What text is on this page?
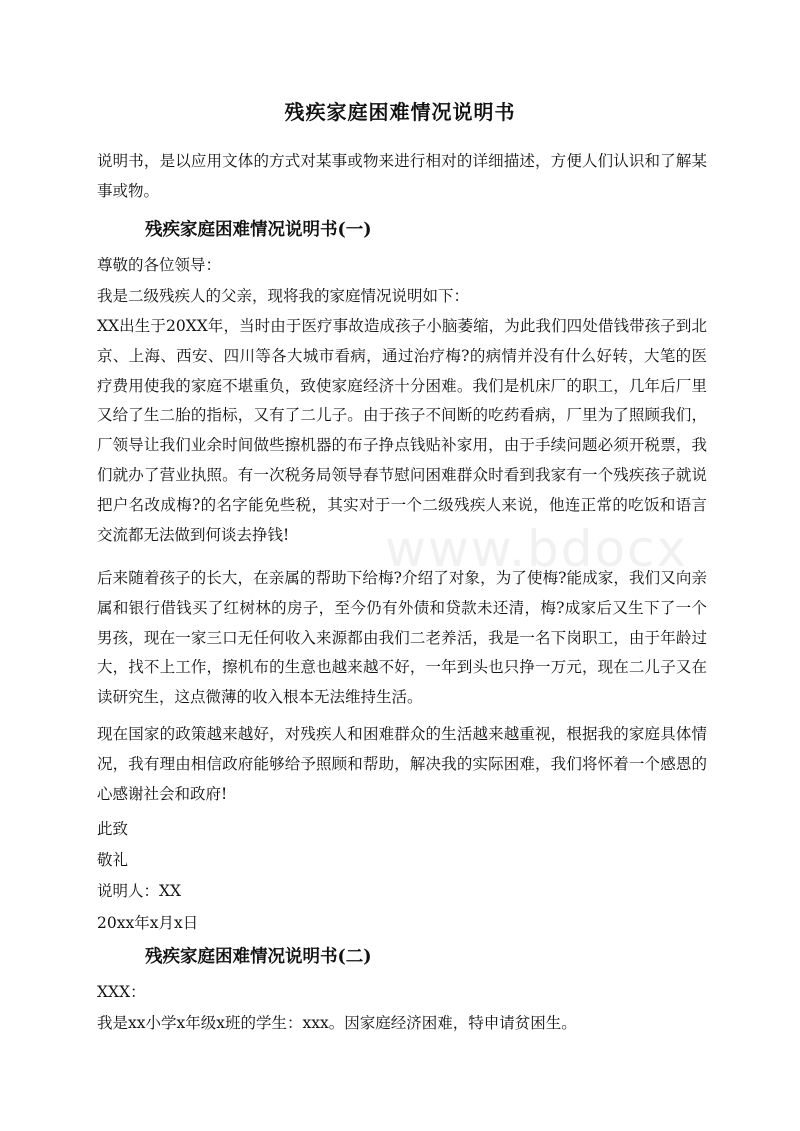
www.bdocx
残疾家庭困难情况说明书

说明书，是以应用文体的方式对某事或物来进行相对的详细描述，方便人们认识和了解某事或物。

残疾家庭困难情况说明书(一)
尊敬的各位领导：
我是二级残疾人的父亲，现将我的家庭情况说明如下：

XX出生于20XX年，当时由于医疗事故造成孩子小脑萎缩，为此我们四处借钱带孩子到北京、上海、西安、四川等各大城市看病，通过治疗梅?的病情并没有什么好转，大笔的医疗费用使我的家庭不堪重负，致使家庭经济十分困难。我们是机床厂的职工，几年后厂里又给了生二胎的指标，又有了二儿子。由于孩子不间断的吃药看病，厂里为了照顾我们，厂领导让我们业余时间做些擦机器的布子挣点钱贴补家用，由于手续问题必须开税票，我们就办了营业执照。有一次税务局领导春节慰问困难群众时看到我家有一个残疾孩子就说把户名改成梅?的名字能免些税，其实对于一个二级残疾人来说，他连正常的吃饭和语言交流都无法做到何谈去挣钱!

后来随着孩子的长大，在亲属的帮助下给梅?介绍了对象，为了使梅?能成家，我们又向亲属和银行借钱买了红树林的房子，至今仍有外债和贷款未还清，梅?成家后又生下了一个男孩，现在一家三口无任何收入来源都由我们二老养活，我是一名下岗职工，由于年龄过大，找不上工作，擦机布的生意也越来越不好，一年到头也只挣一万元，现在二儿子又在读研究生，这点微薄的收入根本无法维持生活。

现在国家的政策越来越好，对残疾人和困难群众的生活越来越重视，根据我的家庭具体情况，我有理由相信政府能够给予照顾和帮助，解决我的实际困难，我们将怀着一个感恩的心感谢社会和政府!

此致
敬礼
说明人：XX
20xx年x月x日
残疾家庭困难情况说明书(二)
XXX：
我是xx小学x年级x班的学生：xxx。因家庭经济困难，特申请贫困生。
